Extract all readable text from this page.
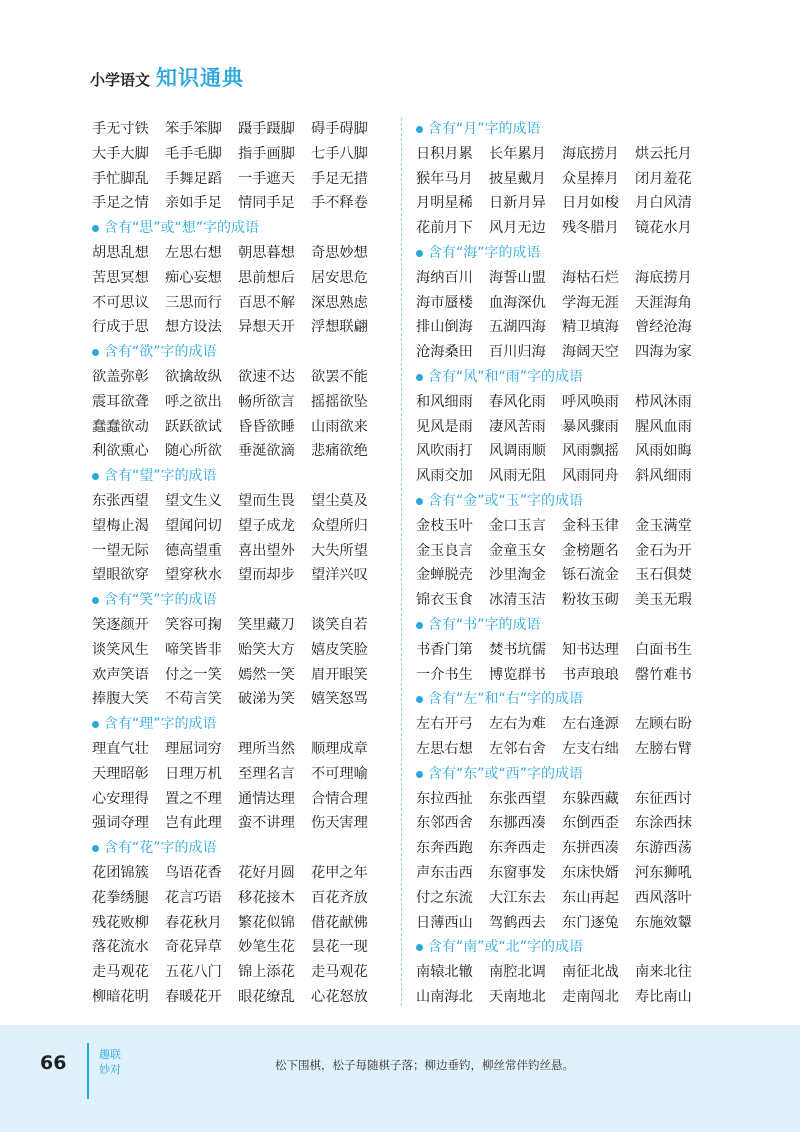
小学语文 知识通典
手无寸铁	笨手笨脚	蹑手蹑脚	碍手碍脚
大手大脚	毛手毛脚	指手画脚	七手八脚
手忙脚乱	手舞足蹈	一手遮天	手足无措
手足之情	亲如手足	情同手足	手不释卷
含有“思”或“想”字的成语
胡思乱想	左思右想	朝思暮想	奇思妙想
苦思冥想	痴心妄想	思前想后	居安思危
不可思议	三思而行	百思不解	深思熟虑
行成于思	想方设法	异想天开	浮想联翩
含有“欲”字的成语
欲盖弥彰	欲擒故纵	欲速不达	欲罢不能
震耳欲聋	呼之欲出	畅所欲言	摇摇欲坠
蠢蠢欲动	跃跃欲试	昏昏欲睡	山雨欲来
利欲熏心	随心所欲	垂涎欲滴	悲痛欲绝
含有“望”字的成语
东张西望	望文生义	望而生畏	望尘莫及
望梅止渴	望闻问切	望子成龙	众望所归
一望无际	德高望重	喜出望外	大失所望
望眼欲穿	望穿秋水	望而却步	望洋兴叹
含有“笑”字的成语
笑逐颜开	笑容可掬	笑里藏刀	谈笑自若
谈笑风生	啼笑皆非	贻笑大方	嬉皮笑脸
欢声笑语	付之一笑	嫣然一笑	眉开眼笑
捧腹大笑	不苟言笑	破涕为笑	嬉笑怒骂
含有“理”字的成语
理直气壮	理屈词穷	理所当然	顺理成章
天理昭彰	日理万机	至理名言	不可理喻
心安理得	置之不理	通情达理	合情合理
强词夺理	岂有此理	蛮不讲理	伤天害理
含有“花”字的成语
花团锦簇	鸟语花香	花好月圆	花甲之年
花拳绣腿	花言巧语	移花接木	百花齐放
残花败柳	春花秋月	繁花似锦	借花献佛
落花流水	奇花异草	妙笔生花	昙花一现
走马观花	五花八门	锦上添花	走马观花
柳暗花明	春暖花开	眼花缭乱	心花怒放
含有“月”字的成语
日积月累	长年累月	海底捞月	烘云托月
猴年马月	披星戴月	众星捧月	闭月羞花
月明星稀	日新月异	日月如梭	月白风清
花前月下	风月无边	残冬腊月	镜花水月
含有“海”字的成语
海纳百川	海誓山盟	海枯石烂	海底捞月
海市蜃楼	血海深仇	学海无涯	天涯海角
排山倒海	五湖四海	精卫填海	曾经沧海
沧海桑田	百川归海	海阔天空	四海为家
含有“风”和“雨”字的成语
和风细雨	春风化雨	呼风唤雨	栉风沐雨
见风是雨	凄风苦雨	暴风骤雨	腥风血雨
风吹雨打	风调雨顺	风雨飘摇	风雨如晦
风雨交加	风雨无阻	风雨同舟	斜风细雨
含有“金”或“玉”字的成语
金枝玉叶	金口玉言	金科玉律	金玉满堂
金玉良言	金童玉女	金榜题名	金石为开
金蝉脱壳	沙里淘金	铄石流金	玉石俱焚
锦衣玉食	冰清玉洁	粉妆玉砌	美玉无瑕
含有“书”字的成语
书香门第	焚书坑儒	知书达理	白面书生
一介书生	博览群书	书声琅琅	罄竹难书
含有“左”和“右”字的成语
左右开弓	左右为难	左右逢源	左顾右盼
左思右想	左邻右舍	左支右绌	左膀右臂
含有“东”或“西”字的成语
东拉西扯	东张西望	东躲西藏	东征西讨
东邻西舍	东挪西凑	东倒西歪	东涂西抹
东奔西跑	东奔西走	东拼西凑	东游西荡
声东击西	东窗事发	东床快婿	河东狮吼
付之东流	大江东去	东山再起	西风落叶
日薄西山	驾鹤西去	东门逐兔	东施效颦
含有“南”或“北”字的成语
南辕北辙	南腔北调	南征北战	南来北往
山南海北	天南地北	走南闯北	寿比南山
66	趣联
妙对	松下围棋，松子每随棋子落；柳边垂钓，柳丝常伴钓丝悬。
